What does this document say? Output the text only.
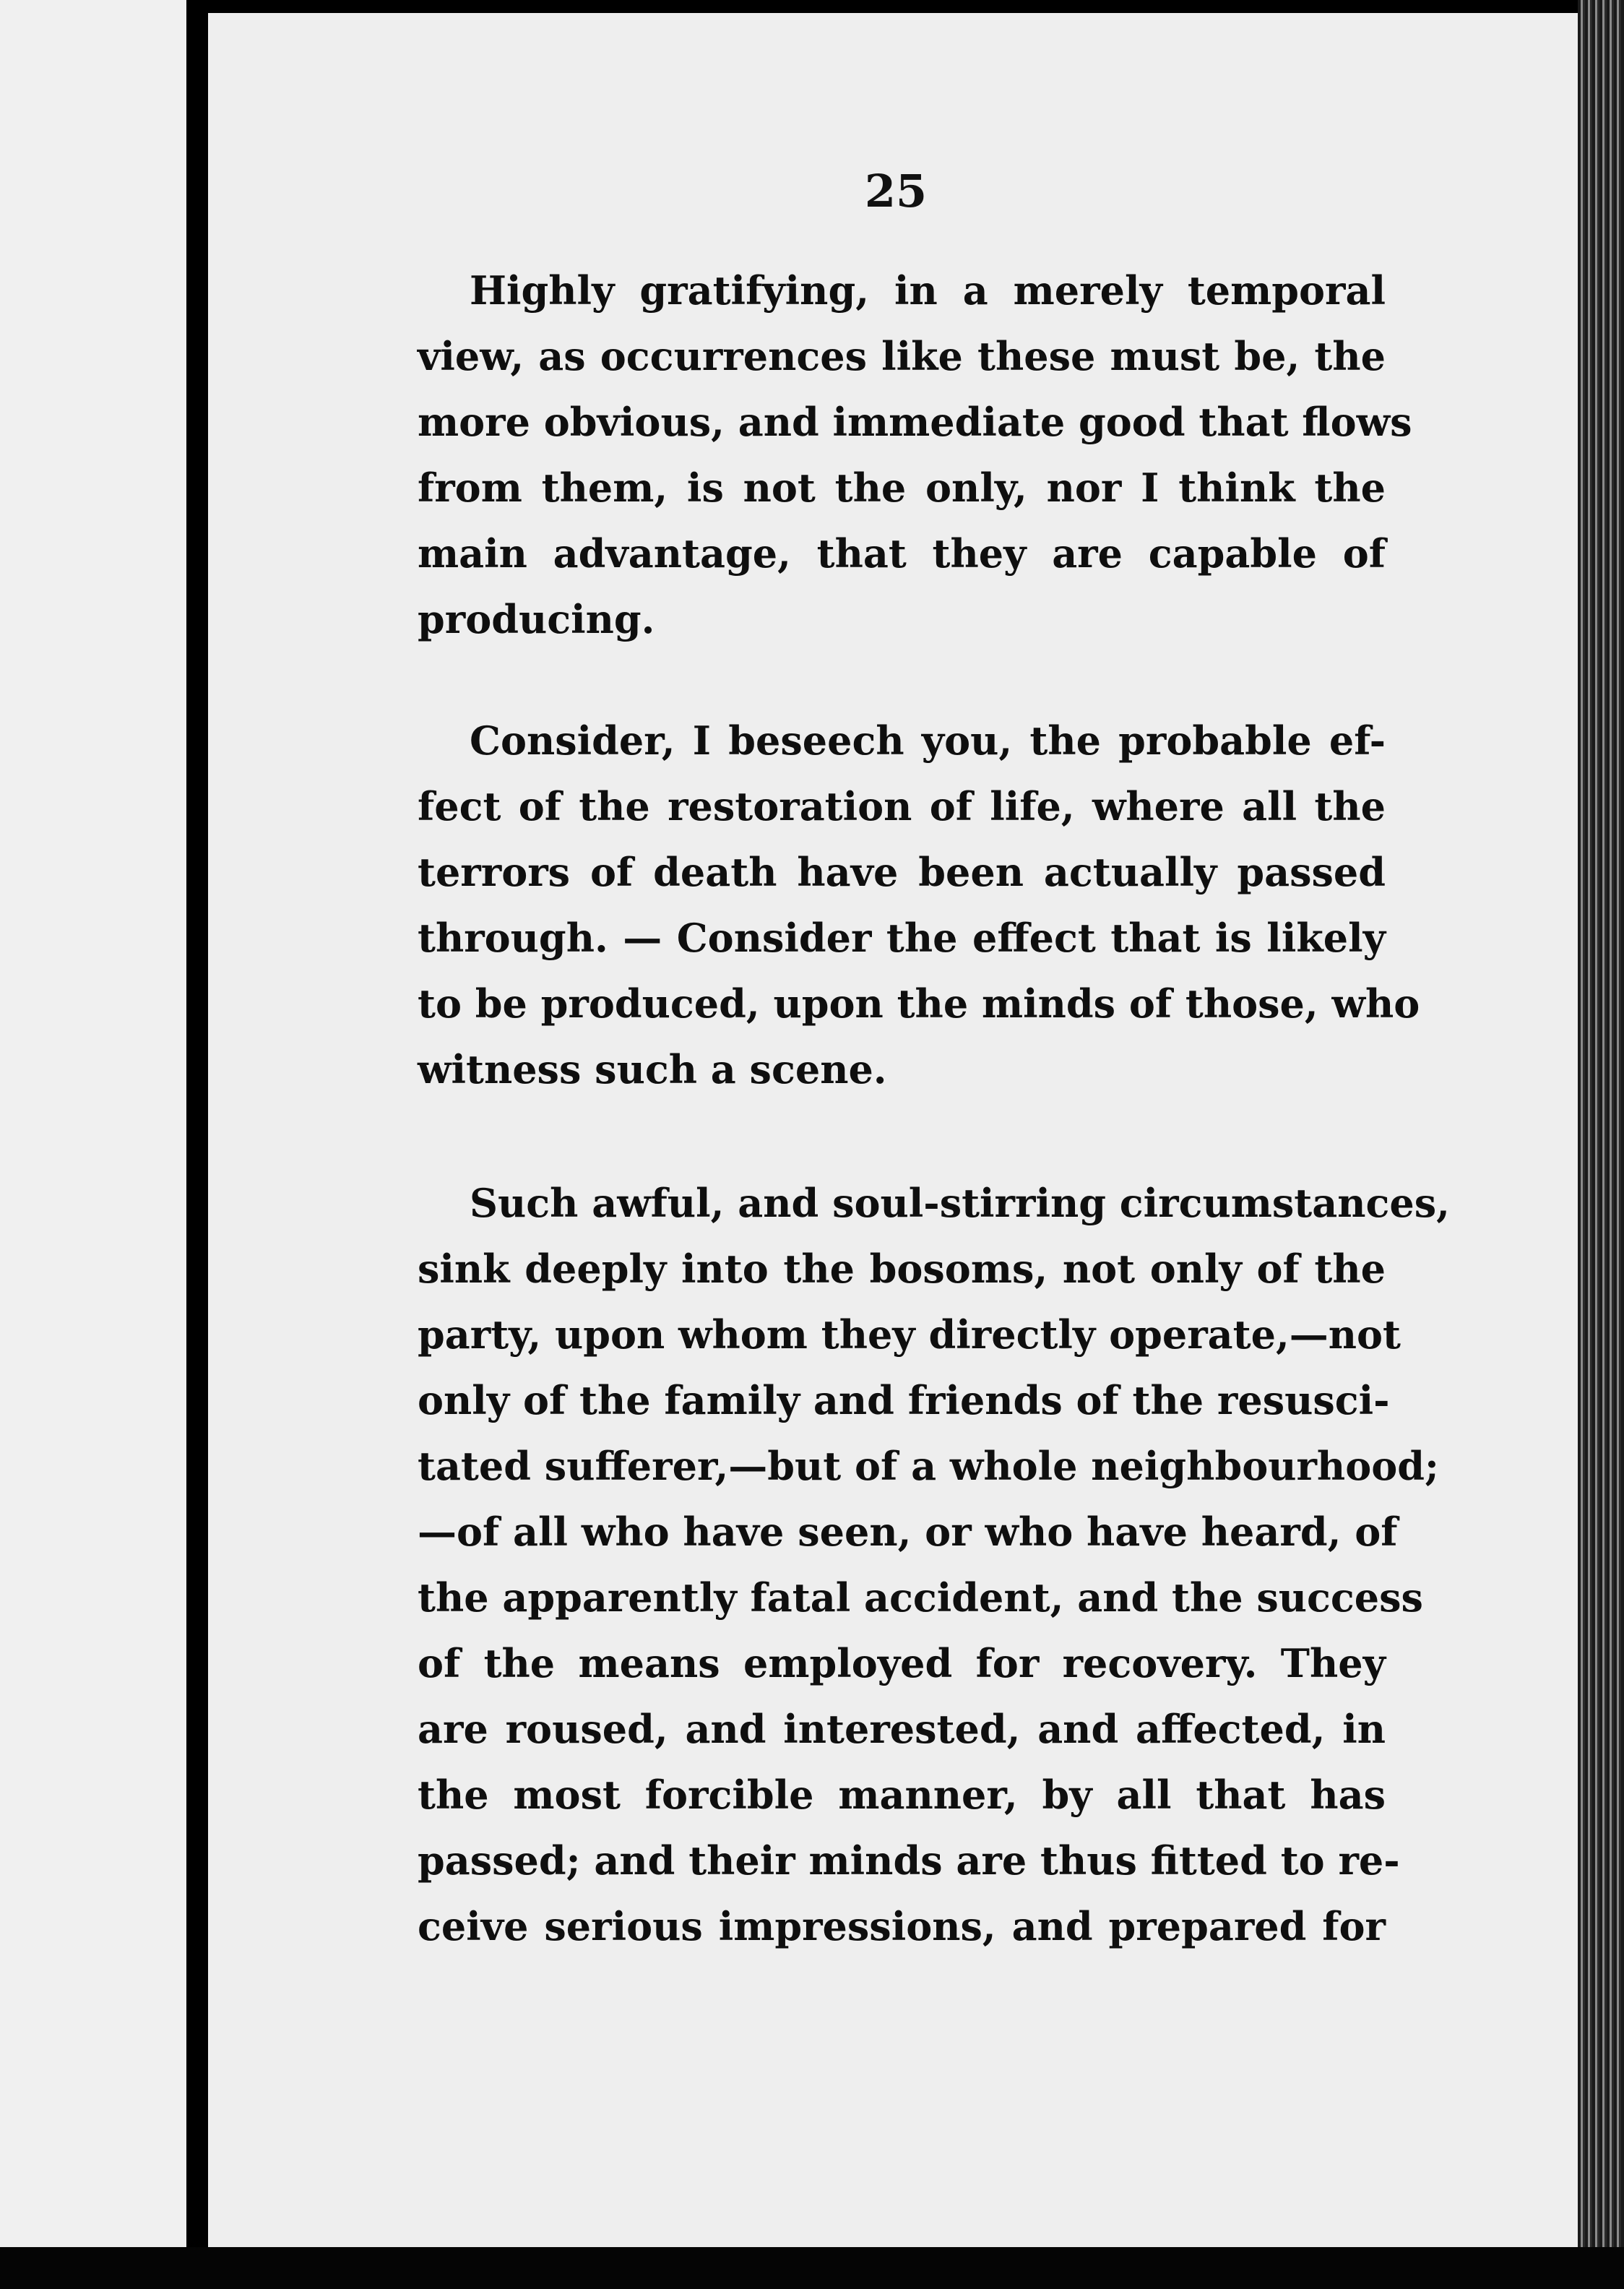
25
Highly gratifying, in a merely temporal
view, as occurrences like these must be, the
more obvious, and immediate good that flows
from them, is not the only, nor I think the
main advantage, that they are capable of
producing.
Consider, I beseech you, the probable ef-
fect of the restoration of life, where all the
terrors of death have been actually passed
through. — Consider the effect that is likely
to be produced, upon the minds of those, who
witness such a scene.
Such awful, and soul-stirring circumstances,
sink deeply into the bosoms, not only of the
party, upon whom they directly operate,—not
only of the family and friends of the resusci-
tated sufferer,—but of a whole neighbourhood;
—of all who have seen, or who have heard, of
the apparently fatal accident, and the success
of the means employed for recovery. They
are roused, and interested, and affected, in
the most forcible manner, by all that has
passed; and their minds are thus fitted to re-
ceive serious impressions, and prepared for
